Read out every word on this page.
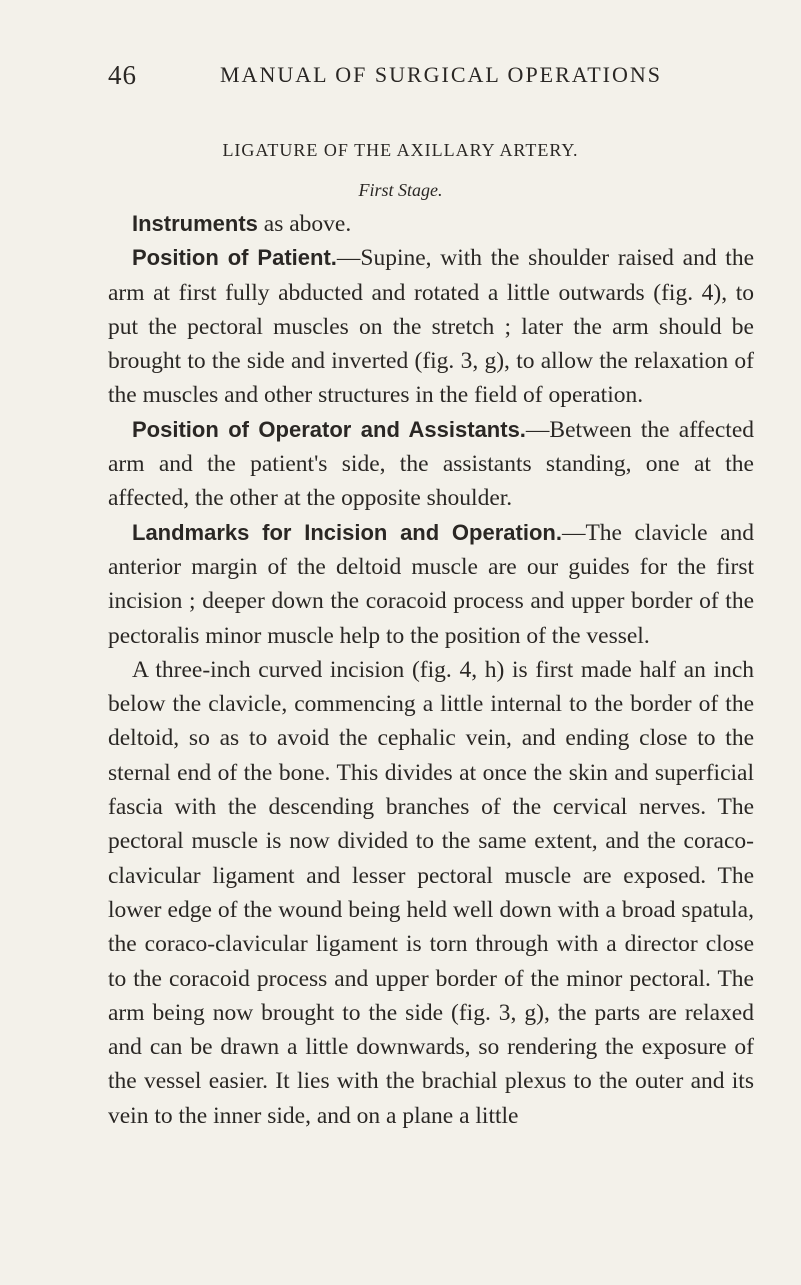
46	MANUAL OF SURGICAL OPERATIONS
LIGATURE OF THE AXILLARY ARTERY.
First Stage.

Instruments as above.

Position of Patient.—Supine, with the shoulder raised and the arm at first fully abducted and rotated a little outwards (fig. 4), to put the pectoral muscles on the stretch ; later the arm should be brought to the side and inverted (fig. 3, g), to allow the relaxation of the muscles and other structures in the field of operation.

Position of Operator and Assistants.—Between the affected arm and the patient's side, the assistants standing, one at the affected, the other at the opposite shoulder.

Landmarks for Incision and Operation.—The clavicle and anterior margin of the deltoid muscle are our guides for the first incision ; deeper down the coracoid process and upper border of the pectoralis minor muscle help to the position of the vessel.

A three-inch curved incision (fig. 4, h) is first made half an inch below the clavicle, commencing a little internal to the border of the deltoid, so as to avoid the cephalic vein, and ending close to the sternal end of the bone. This divides at once the skin and superficial fascia with the descending branches of the cervical nerves. The pectoral muscle is now divided to the same extent, and the coraco-clavicular ligament and lesser pectoral muscle are exposed. The lower edge of the wound being held well down with a broad spatula, the coraco-clavicular ligament is torn through with a director close to the coracoid process and upper border of the minor pectoral. The arm being now brought to the side (fig. 3, g), the parts are relaxed and can be drawn a little downwards, so rendering the exposure of the vessel easier. It lies with the brachial plexus to the outer and its vein to the inner side, and on a plane a little
